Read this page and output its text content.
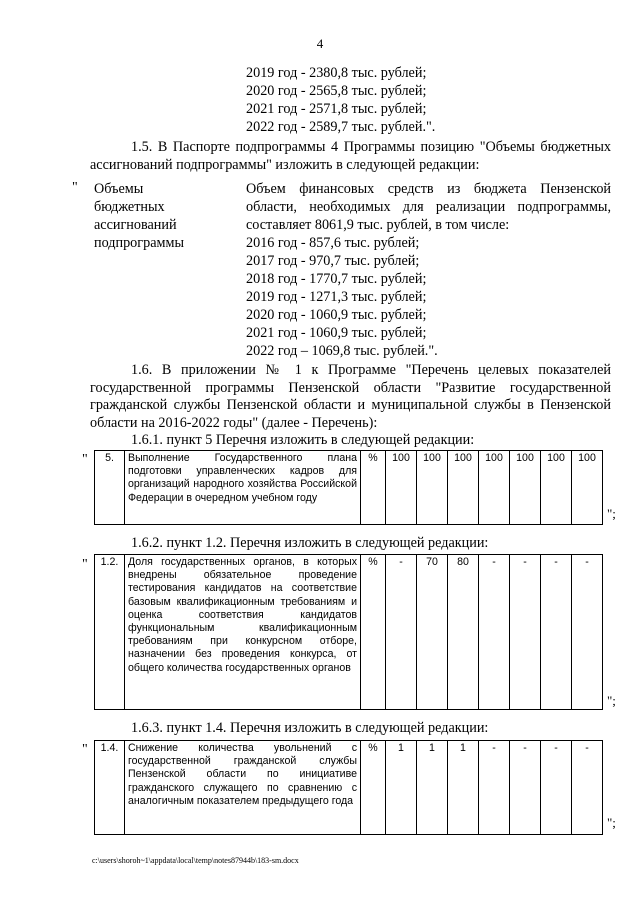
4
2019 год - 2380,8 тыс. рублей;
2020 год - 2565,8 тыс. рублей;
2021 год - 2571,8 тыс. рублей;
2022 год - 2589,7 тыс. рублей.".
1.5. В Паспорте подпрограммы 4 Программы позицию "Объемы бюджетных ассигнований подпрограммы" изложить в следующей редакции:
" Объемы
бюджетных
ассигнований
подпрограммы
Объем финансовых средств из бюджета Пензенской области, необходимых для реализации подпрограммы, составляет 8061,9 тыс. рублей, в том числе:
2016 год - 857,6 тыс. рублей;
2017 год - 970,7 тыс. рублей;
2018 год - 1770,7 тыс. рублей;
2019 год - 1271,3 тыс. рублей;
2020 год - 1060,9 тыс. рублей;
2021 год - 1060,9 тыс. рублей;
2022 год – 1069,8 тыс. рублей.".
1.6. В приложении № 1 к Программе "Перечень целевых показателей государственной программы Пензенской области "Развитие государственной гражданской службы Пензенской области и муниципальной службы в Пензенской области на 2016-2022 годы" (далее - Перечень):
1.6.1. пункт 5 Перечня изложить в следующей редакции:
" 5.	Выполнение Государственного плана подготовки управленческих кадров для организаций народного хозяйства Российской Федерации в очередном учебном году	%	100	100	100	100	100	100	100
";
1.6.2. пункт 1.2. Перечня изложить в следующей редакции:
" 1.2.	Доля государственных органов, в которых внедрены обязательное проведение тестирования кандидатов на соответствие базовым квалификационным требованиям и оценка соответствия кандидатов функциональным квалификационным требованиям при конкурсном отборе, назначении без проведения конкурса, от общего количества государственных органов	%	-	70	80	-	-	-	-
";
1.6.3. пункт 1.4. Перечня изложить в следующей редакции:
" 1.4.	Снижение количества увольнений с государственной гражданской службы Пензенской области по инициативе гражданского служащего по сравнению с аналогичным показателем предыдущего года	%	1	1	1	-	-	-	-
";
c:\users\shoroh~1\appdata\local\temp\notes87944b\183-sm.docx
